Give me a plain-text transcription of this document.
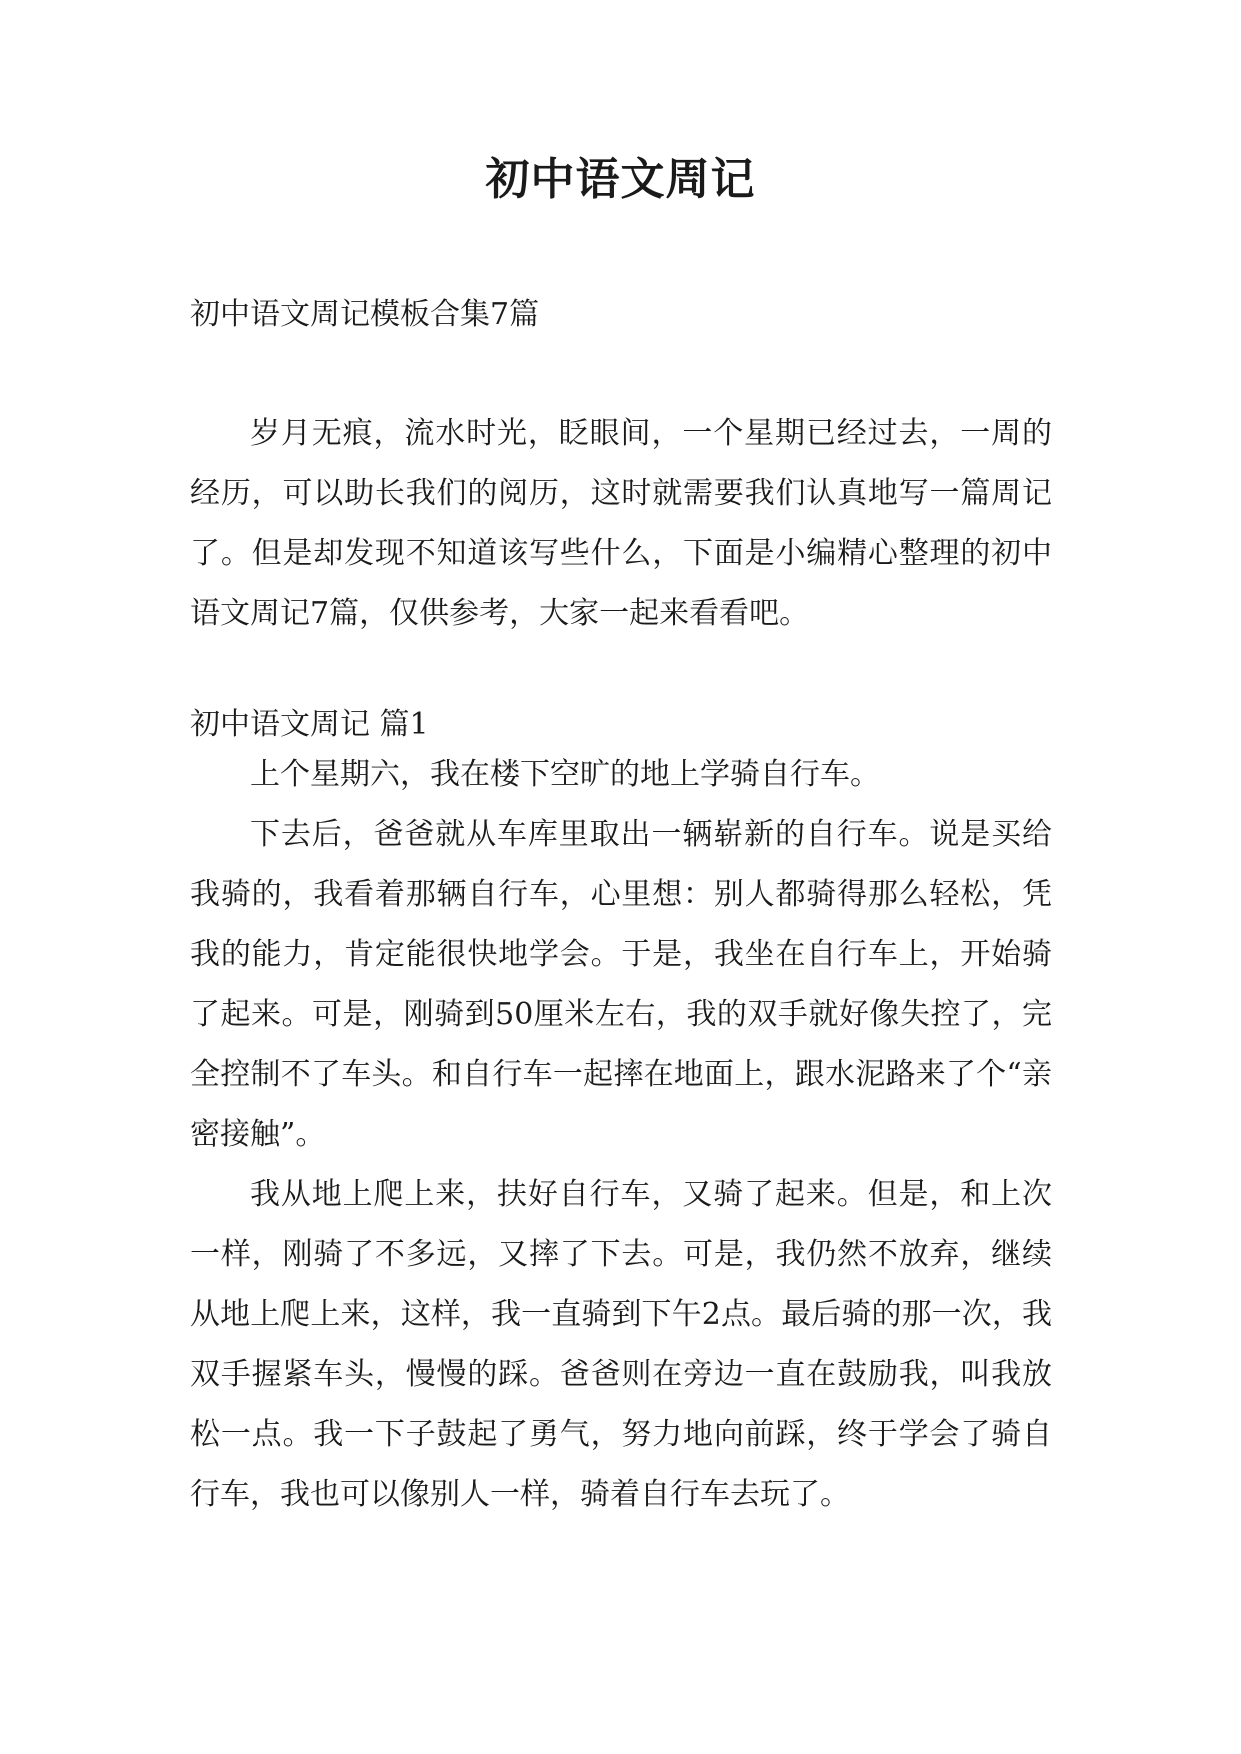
初中语文周记
初中语文周记模板合集7篇

岁月无痕，流水时光，眨眼间，一个星期已经过去，一周的经历，可以助长我们的阅历，这时就需要我们认真地写一篇周记了。但是却发现不知道该写些什么，下面是小编精心整理的初中语文周记7篇，仅供参考，大家一起来看看吧。

初中语文周记 篇1

上个星期六，我在楼下空旷的地上学骑自行车。

下去后，爸爸就从车库里取出一辆崭新的自行车。说是买给我骑的，我看着那辆自行车，心里想：别人都骑得那么轻松，凭我的能力，肯定能很快地学会。于是，我坐在自行车上，开始骑了起来。可是，刚骑到50厘米左右，我的双手就好像失控了，完全控制不了车头。和自行车一起摔在地面上，跟水泥路来了个“亲密接触”。

我从地上爬上来，扶好自行车，又骑了起来。但是，和上次一样，刚骑了不多远，又摔了下去。可是，我仍然不放弃，继续从地上爬上来，这样，我一直骑到下午2点。最后骑的那一次，我双手握紧车头，慢慢的踩。爸爸则在旁边一直在鼓励我，叫我放松一点。我一下子鼓起了勇气，努力地向前踩，终于学会了骑自行车，我也可以像别人一样，骑着自行车去玩了。
